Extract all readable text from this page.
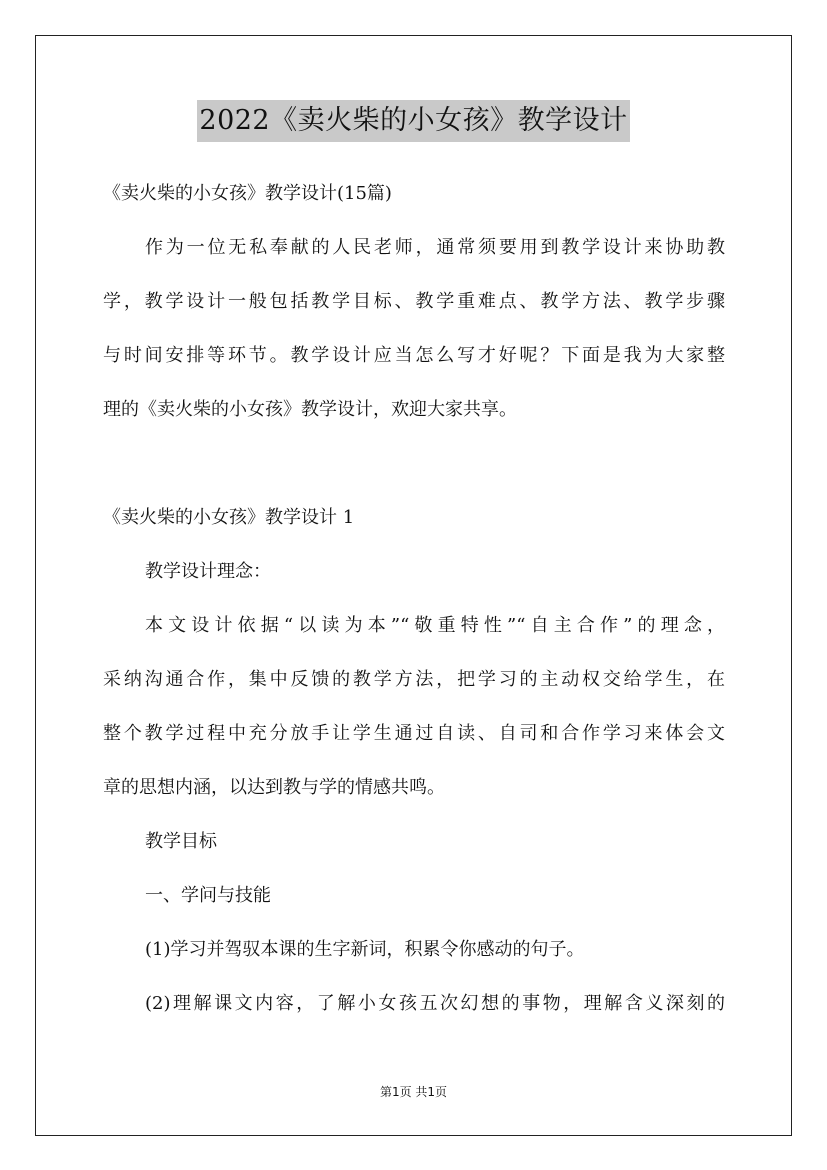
2022《卖火柴的小女孩》教学设计
《卖火柴的小女孩》教学设计(15篇)
作为一位无私奉献的人民老师，通常须要用到教学设计来协助教
学，教学设计一般包括教学目标、教学重难点、教学方法、教学步骤
与时间安排等环节。教学设计应当怎么写才好呢？下面是我为大家整
理的《卖火柴的小女孩》教学设计，欢迎大家共享。
《卖火柴的小女孩》教学设计 1
教学设计理念：
本文设计依据“以读为本”“敬重特性”“自主合作”的理念，
采纳沟通合作，集中反馈的教学方法，把学习的主动权交给学生，在
整个教学过程中充分放手让学生通过自读、自司和合作学习来体会文
章的思想内涵，以达到教与学的情感共鸣。
教学目标
一、学问与技能
(1)学习并驾驭本课的生字新词，积累令你感动的句子。
(2)理解课文内容，了解小女孩五次幻想的事物，理解含义深刻的
第1页 共1页
